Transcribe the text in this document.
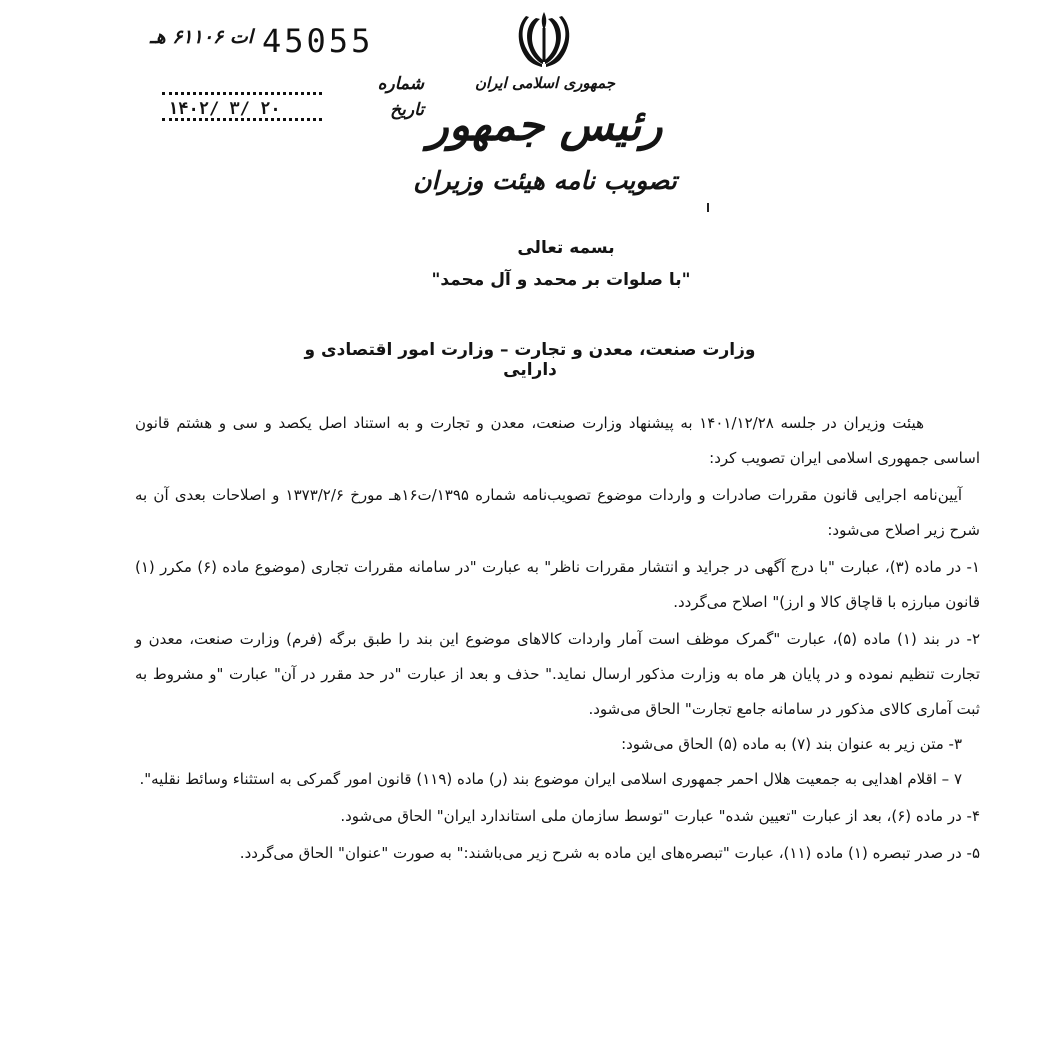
ات ۶۱۱۰۶ هـ 45055
شماره
۱۴۰۲/ ۳/ ۲۰	تاریخ
جمهوری اسلامی ایران
رئیس جمهور
تصویب نامه هیئت وزیران
بسمه تعالی
"با صلوات بر محمد و آل محمد"
وزارت صنعت، معدن و تجارت – وزارت امور اقتصادی و دارایی

هیئت وزیران در جلسه ۱۴۰۱/۱۲/۲۸ به پیشنهاد وزارت صنعت، معدن و تجارت و به استناد اصل یکصد و سی و هشتم قانون اساسی جمهوری اسلامی ایران تصویب کرد:

آیین‌نامه اجرایی قانون مقررات صادرات و واردات موضوع تصویب‌نامه شماره ۱۳۹۵/ت۱۶هـ مورخ ۱۳۷۳/۲/۶ و اصلاحات بعدی آن به شرح زیر اصلاح می‌شود:

۱- در ماده (۳)، عبارت "با درج آگهی در جراید و انتشار مقررات ناظر" به عبارت "در سامانه مقررات تجاری (موضوع ماده (۶) مکرر (۱) قانون مبارزه با قاچاق کالا و ارز)" اصلاح می‌گردد.

۲- در بند (۱) ماده (۵)، عبارت "گمرک موظف است آمار واردات کالاهای موضوع این بند را طبق برگه (فرم) وزارت صنعت، معدن و تجارت تنظیم نموده و در پایان هر ماه به وزارت مذکور ارسال نماید." حذف و بعد از عبارت "در حد مقرر در آن" عبارت "و مشروط به ثبت آماری کالای مذکور در سامانه جامع تجارت" الحاق می‌شود.

۳- متن زیر به عنوان بند (۷) به ماده (۵) الحاق می‌شود:

۷ – اقلام اهدایی به جمعیت هلال احمر جمهوری اسلامی ایران موضوع بند (ر) ماده (۱۱۹) قانون امور گمرکی به استثناء وسائط نقلیه".

۴- در ماده (۶)، بعد از عبارت "تعیین شده" عبارت "توسط سازمان ملی استاندارد ایران" الحاق می‌شود.

۵- در صدر تبصره (۱) ماده (۱۱)، عبارت "تبصره‌های این ماده به شرح زیر می‌باشند:" به صورت "عنوان" الحاق می‌گردد.
